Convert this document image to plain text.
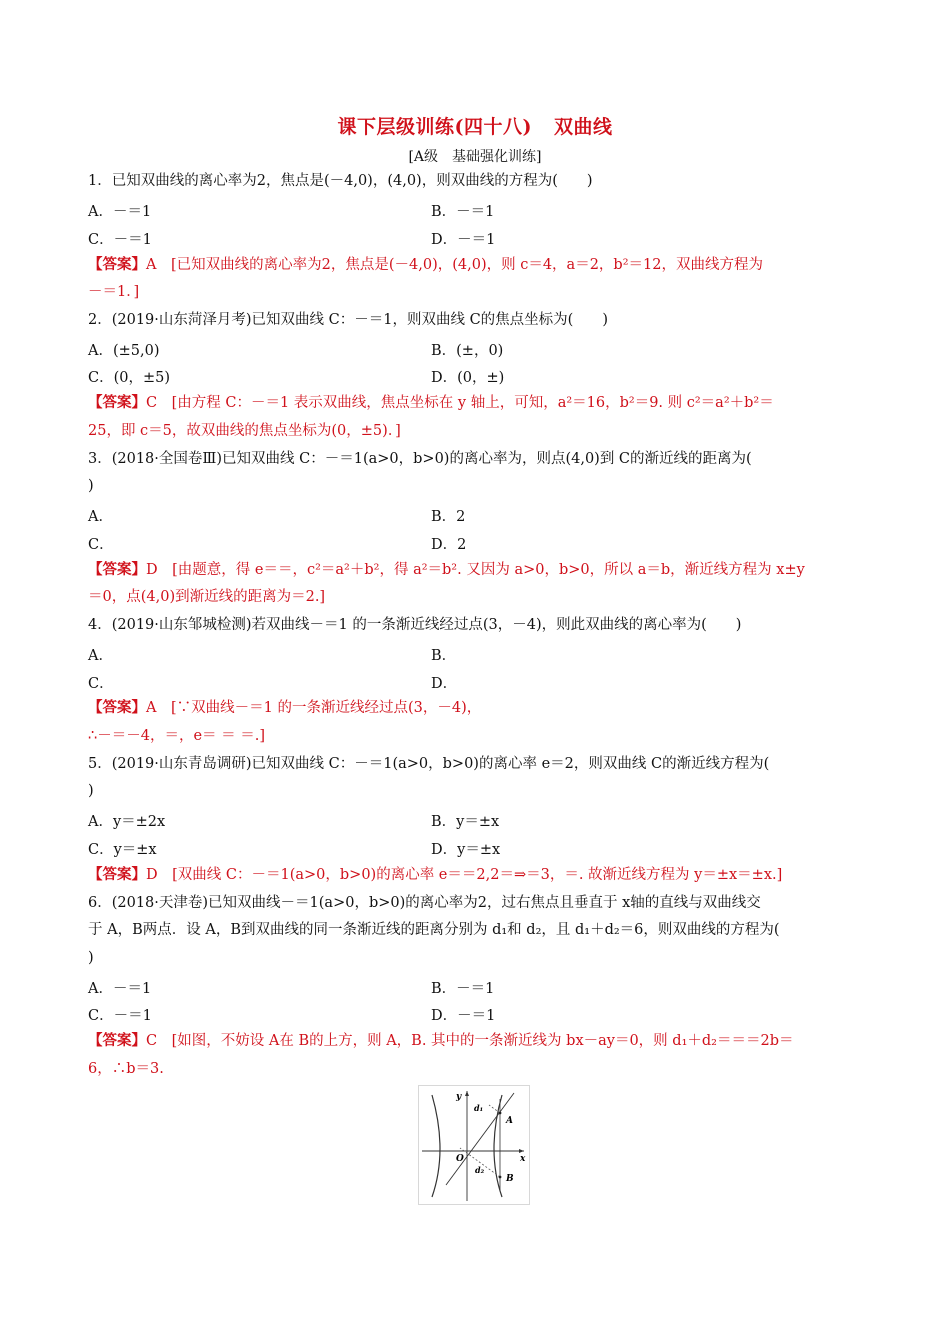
课下层级训练(四十八) 双曲线
[A级　基础强化训练]
1．已知双曲线的离心率为2，焦点是(－4,0)，(4,0)，则双曲线的方程为(　　)
A．－＝1	B．－＝1
C．－＝1	D．－＝1
【答案】A　[已知双曲线的离心率为2，焦点是(－4,0)，(4,0)，则 c＝4，a＝2，b²＝12，双曲线方程为
－＝1．]
2．(2019·山东菏泽月考)已知双曲线 C：－＝1，则双曲线 C的焦点坐标为(　　)
A．(±5,0)	B．(±，0)
C．(0，±5)	D．(0，±)
【答案】C　[由方程 C：－＝1 表示双曲线，焦点坐标在 y 轴上，可知，a²＝16，b²＝9. 则 c²＝a²＋b²＝
25，即 c＝5，故双曲线的焦点坐标为(0，±5)．]
3．(2018·全国卷Ⅲ)已知双曲线 C：－＝1(a>0，b>0)的离心率为，则点(4,0)到 C的渐近线的距离为(
)
A．	B．2
C．	D．2
【答案】D　[由题意，得 e＝＝，c²＝a²＋b²，得 a²＝b². 又因为 a>0，b>0，所以 a＝b，渐近线方程为 x±y
＝0，点(4,0)到渐近线的距离为＝2.]
4．(2019·山东邹城检测)若双曲线－＝1 的一条渐近线经过点(3，－4)，则此双曲线的离心率为(　　)
A．	B．
C．	D．
【答案】A　[∵双曲线－＝1 的一条渐近线经过点(3，－4)，
∴－＝－4，＝，e＝ ＝ ＝.]
5．(2019·山东青岛调研)已知双曲线 C：－＝1(a>0，b>0)的离心率 e＝2，则双曲线 C的渐近线方程为(
)
A．y＝±2x	B．y＝±x
C．y＝±x	D．y＝±x
【答案】D　[双曲线 C：－＝1(a>0，b>0)的离心率 e＝＝2,2＝⇒＝3，＝. 故渐近线方程为 y＝±x＝±x.]
6．(2018·天津卷)已知双曲线－＝1(a>0，b>0)的离心率为2，过右焦点且垂直于 x轴的直线与双曲线交
于 A，B两点．设 A，B到双曲线的同一条渐近线的距离分别为 d₁和 d₂，且 d₁＋d₂＝6，则双曲线的方程为(
)
A．－＝1	B．－＝1
C．－＝1	D．－＝1
【答案】C　[如图，不妨设 A在 B的上方，则 A，B. 其中的一条渐近线为 bx－ay＝0，则 d₁＋d₂＝＝＝2b＝
6，∴b＝3.
y
x
O
A
B
d₁
d₂
